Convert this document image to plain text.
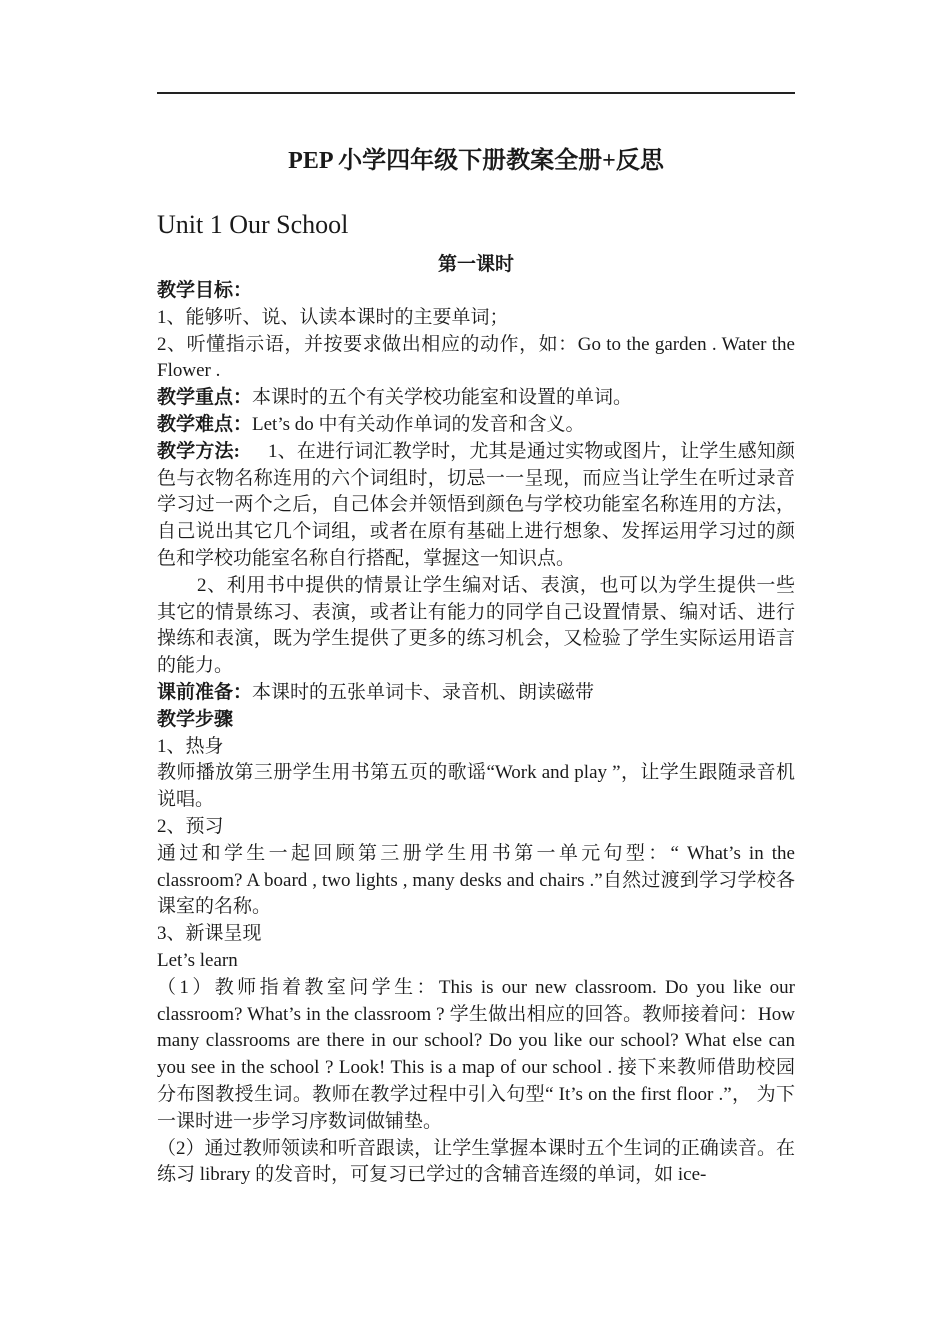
PEP 小学四年级下册教案全册+反思
Unit 1 Our School
第一课时

教学目标：

1、能够听、说、认读本课时的主要单词；

2、听懂指示语，并按要求做出相应的动作，如：Go to the garden . Water the Flower .

教学重点：本课时的五个有关学校功能室和设置的单词。

教学难点：Let’s do 中有关动作单词的发音和含义。

教学方法: 1、在进行词汇教学时，尤其是通过实物或图片，让学生感知颜色与衣物名称连用的六个词组时，切忌一一呈现，而应当让学生在听过录音学习过一两个之后，自己体会并领悟到颜色与学校功能室名称连用的方法，自己说出其它几个词组，或者在原有基础上进行想象、发挥运用学习过的颜色和学校功能室名称自行搭配，掌握这一知识点。

2、利用书中提供的情景让学生编对话、表演，也可以为学生提供一些其它的情景练习、表演，或者让有能力的同学自己设置情景、编对话、进行操练和表演，既为学生提供了更多的练习机会，又检验了学生实际运用语言的能力。

课前准备：本课时的五张单词卡、录音机、朗读磁带

教学步骤

1、热身

教师播放第三册学生用书第五页的歌谣“Work and play ”，让学生跟随录音机说唱。

2、预习

通过和学生一起回顾第三册学生用书第一单元句型：“ What’s in the classroom? A board , two lights , many desks and chairs .”自然过渡到学习学校各课室的名称。

3、新课呈现

Let’s learn

（1）教师指着教室问学生：This is our new classroom. Do you like our classroom? What’s in the classroom ? 学生做出相应的回答。教师接着问：How many classrooms are there in our school? Do you like our school? What else can you see in the school ? Look! This is a map of our school . 接下来教师借助校园分布图教授生词。教师在教学过程中引入句型“ It’s on the first floor .”， 为下一课时进一步学习序数词做铺垫。

（2）通过教师领读和听音跟读，让学生掌握本课时五个生词的正确读音。在练习 library 的发音时，可复习已学过的含辅音连缀的单词，如 ice-
